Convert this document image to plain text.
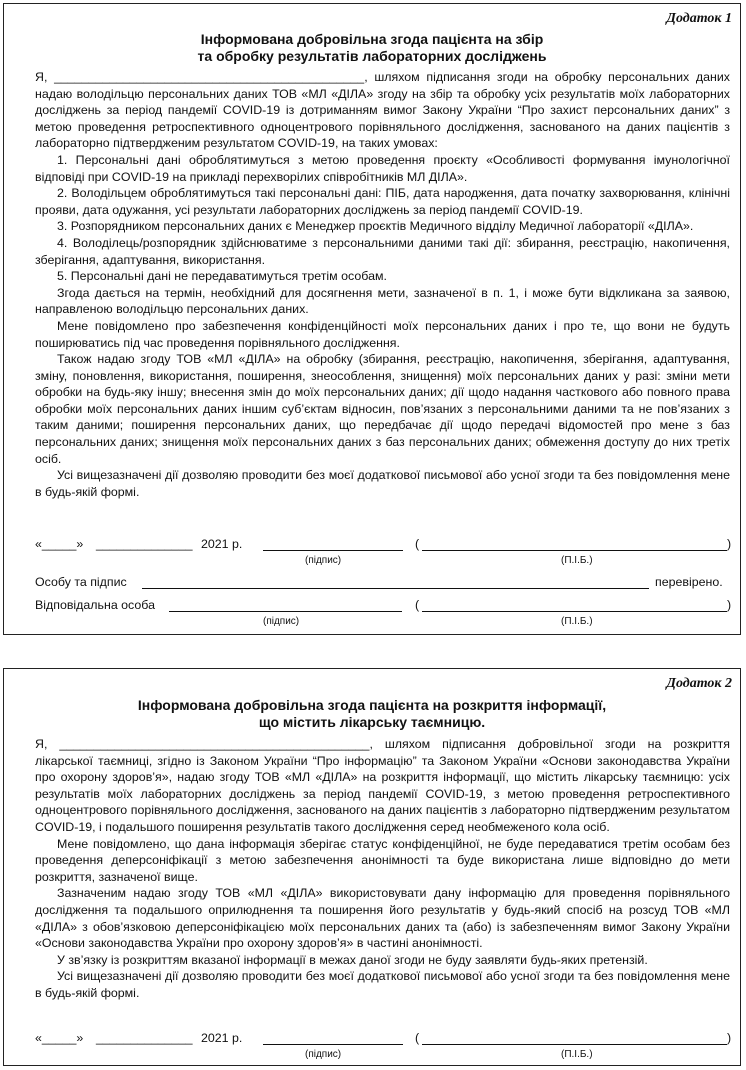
Додаток 1
Інформована добровільна згода пацієнта на збір
та обробку результатів лабораторних досліджень

Я, _____________________________________________, шляхом підписання згоди на обробку персональних даних надаю володільцю персональних даних ТОВ «МЛ «ДІЛА» згоду на збір та обробку усіх результатів моїх лабораторних досліджень за період пандемії COVID-19 із дотриманням вимог Закону України “Про захист персональних даних” з метою проведення ретроспективного одноцентрового порівняльного дослідження, заснованого на даних пацієнтів з лабораторно підтвердженим результатом COVID-19, на таких умовах:

1. Персональні дані оброблятимуться з метою проведення проєкту «Особливості формування імунологічної відповіді при COVID-19 на прикладі перехворілих співробітників МЛ ДІЛА».

2. Володільцем оброблятимуться такі персональні дані: ПІБ, дата народження, дата початку захворювання, клінічні прояви, дата одужання, усі результати лабораторних досліджень за період пандемії COVID-19.

3. Розпорядником персональних даних є Менеджер проєктів Медичного відділу Медичної лабораторії «ДІЛА».

4. Володілець/розпорядник здійснюватиме з персональними даними такі дії: збирання, реєстрацію, накопичення, зберігання, адаптування, використання.

5. Персональні дані не передаватимуться третім особам.

Згода дається на термін, необхідний для досягнення мети, зазначеної в п. 1, і може бути відкликана за заявою, направленою володільцю персональних даних.

Мене повідомлено про забезпечення конфіденційності моїх персональних даних і про те, що вони не будуть поширюватись під час проведення порівняльного дослідження.

Також надаю згоду ТОВ «МЛ «ДІЛА» на обробку (збирання, реєстрацію, накопичення, зберігання, адаптування, зміну, поновлення, використання, поширення, знеособлення, знищення) моїх персональних даних у разі: зміни мети обробки на будь-яку іншу; внесення змін до моїх персональних даних; дії щодо надання часткового або повного права обробки моїх персональних даних іншим суб’єктам відносин, пов’язаних з персональними даними та не пов’язаних з таким даними; поширення персональних даних, що передбачає дії щодо передачі відомостей про мене з баз персональних даних; знищення моїх персональних даних з баз персональних даних; обмеження доступу до них третіх осіб.

Усі вищезазначені дії дозволяю проводити без моєї додаткової письмової або усної згоди та без повідомлення мене в будь-якій формі.

«_____» ______________ 2021 р.	(	)
(підпис)	(П.І.Б.)
Особу та підпис	перевірено.
Відповідальна особа	(	)
(підпис)	(П.І.Б.)
Додаток 2
Інформована добровільна згода пацієнта на розкриття інформації,
що містить лікарську таємницю.

Я, _____________________________________________, шляхом підписання добровільної згоди на розкриття лікарської таємниці, згідно із Законом України “Про інформацію” та Законом України «Основи законодавства України про охорону здоров’я», надаю згоду ТОВ «МЛ «ДІЛА» на розкриття інформації, що містить лікарську таємницю: усіх результатів моїх лабораторних досліджень за період пандемії COVID-19, з метою проведення ретроспективного одноцентрового порівняльного дослідження, заснованого на даних пацієнтів з лабораторно підтвердженим результатом COVID-19, і подальшого поширення результатів такого дослідження серед необмеженого кола осіб.

Мене повідомлено, що дана інформація зберігає статус конфіденційної, не буде передаватися третім особам без проведення деперсоніфікації з метою забезпечення анонімності та буде використана лише відповідно до мети розкриття, зазначеної вище.

Зазначеним надаю згоду ТОВ «МЛ «ДІЛА» використовувати дану інформацію для проведення порівняльного дослідження та подальшого оприлюднення та поширення його результатів у будь-який спосіб на розсуд ТОВ «МЛ «ДІЛА» з обов’язковою деперсоніфікацією моїх персональних даних та (або) із забезпеченням вимог Закону України «Основи законодавства України про охорону здоров’я» в частині анонімності.

У зв’язку із розкриттям вказаної інформації в межах даної згоди не буду заявляти будь-яких претензій.

Усі вищезазначені дії дозволяю проводити без моєї додаткової письмової або усної згоди та без повідомлення мене в будь-якій формі.

«_____» ______________ 2021 р.	(	)
(підпис)	(П.І.Б.)
